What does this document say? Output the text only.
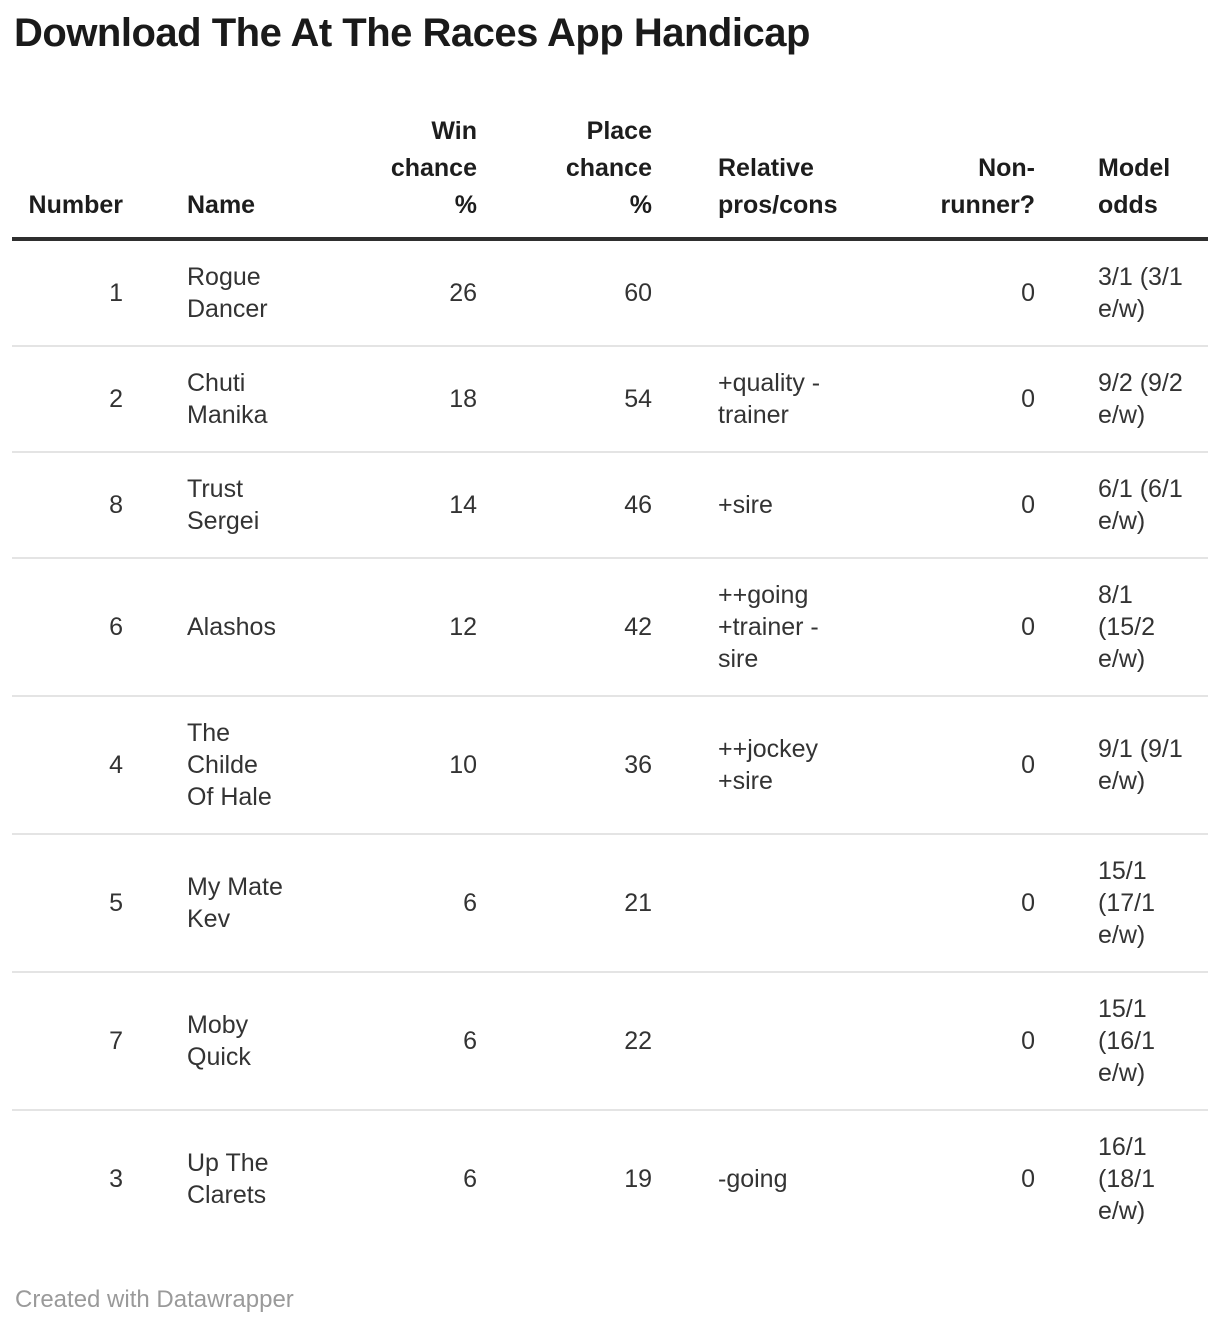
Download The At The Races App Handicap
Number	Name	Win chance %	Place chance %	Relative pros/cons	Non-runner?	Model odds
1	Rogue Dancer	26	60		0	3/1 (3/1 e/w)
2	Chuti Manika	18	54	+quality -trainer	0	9/2 (9/2 e/w)
8	Trust Sergei	14	46	+sire	0	6/1 (6/1 e/w)
6	Alashos	12	42	++going +trainer -sire	0	8/1 (15/2 e/w)
4	The Childe Of Hale	10	36	++jockey +sire	0	9/1 (9/1 e/w)
5	My Mate Kev	6	21		0	15/1 (17/1 e/w)
7	Moby Quick	6	22		0	15/1 (16/1 e/w)
3	Up The Clarets	6	19	-going	0	16/1 (18/1 e/w)
Created with Datawrapper
